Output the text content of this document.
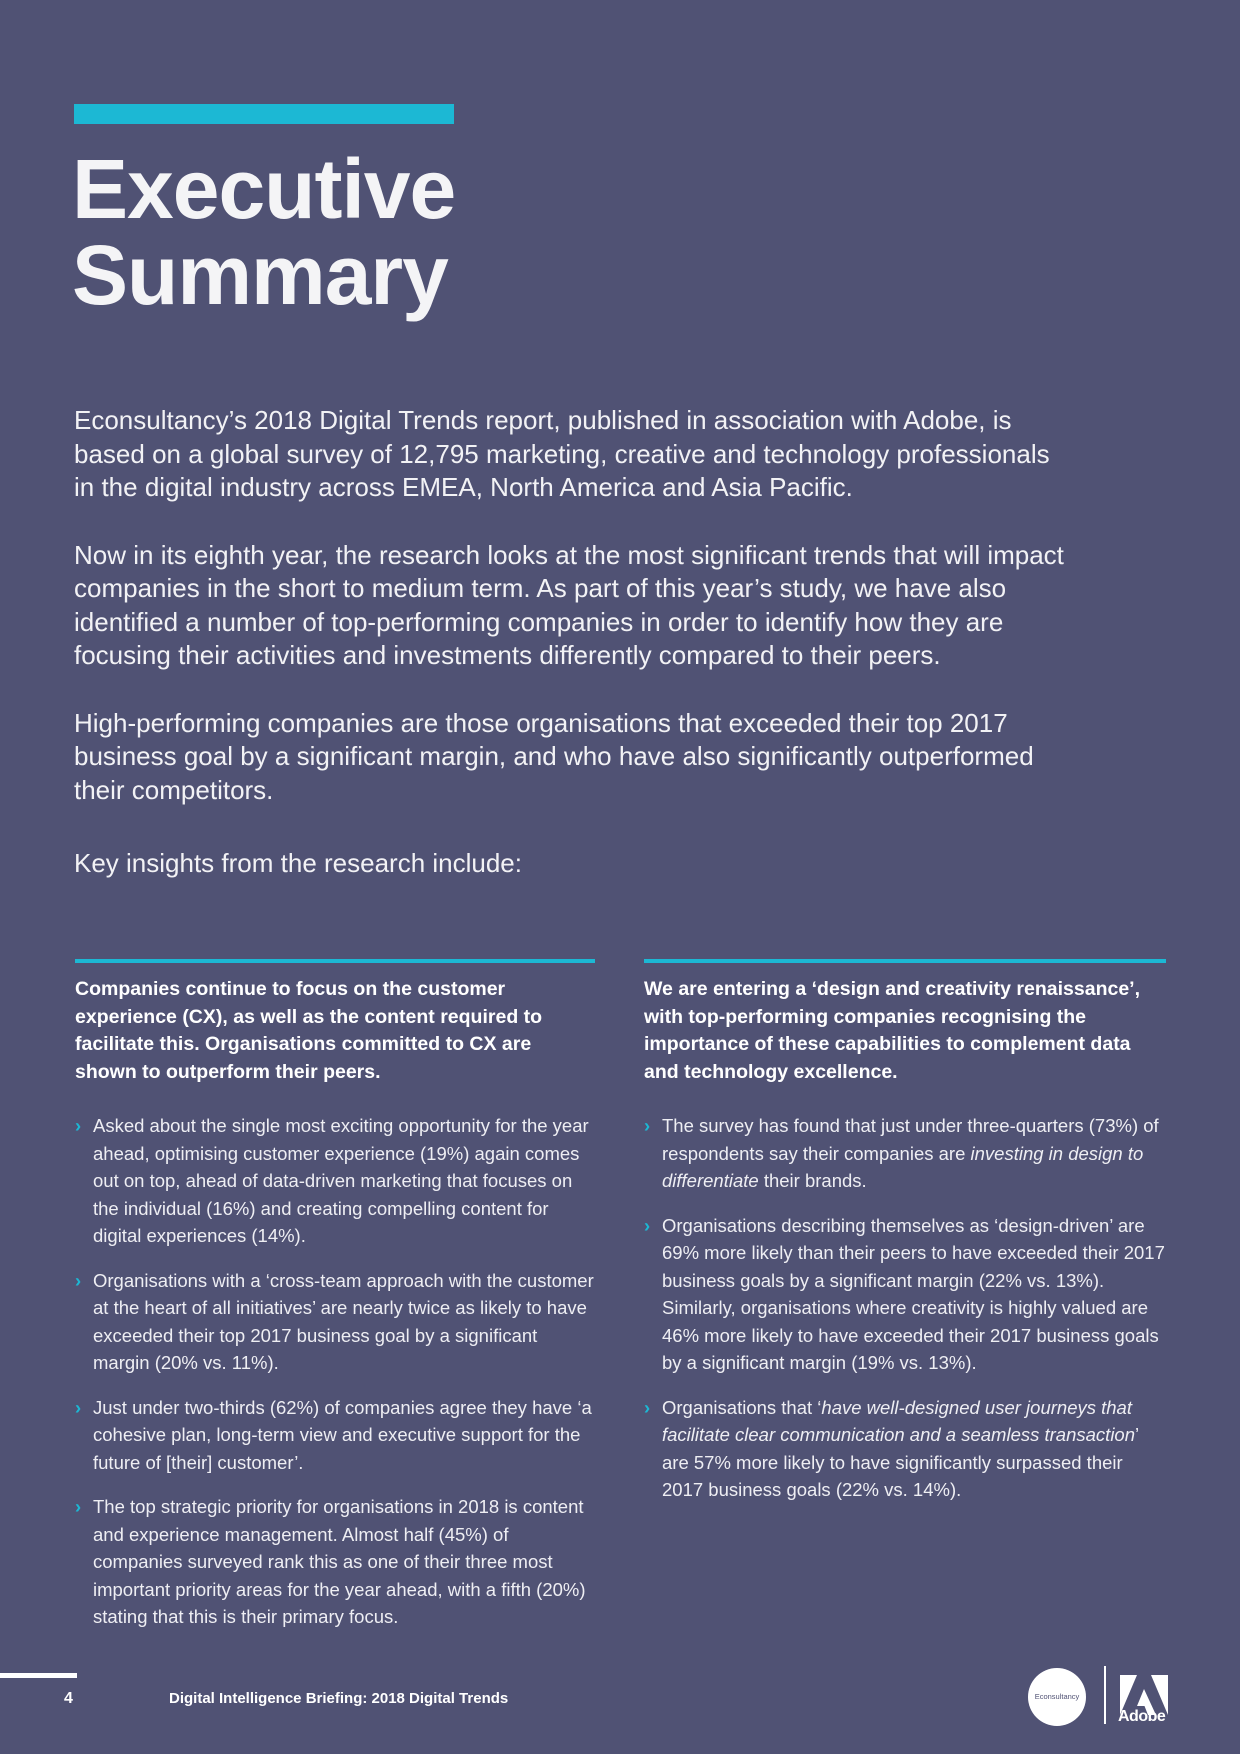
Executive
Summary

Econsultancy’s 2018 Digital Trends report, published in association with Adobe, is based on a global survey of 12,795 marketing, creative and technology professionals in the digital industry across EMEA, North America and Asia Pacific.

Now in its eighth year, the research looks at the most significant trends that will impact companies in the short to medium term. As part of this year’s study, we have also identified a number of top-performing companies in order to identify how they are focusing their activities and investments differently compared to their peers.

High-performing companies are those organisations that exceeded their top 2017 business goal by a significant margin, and who have also significantly outperformed their competitors.

Key insights from the research include:

Companies continue to focus on the customer experience (CX), as well as the content required to facilitate this. Organisations committed to CX are shown to outperform their peers.

› Asked about the single most exciting opportunity for the year ahead, optimising customer experience (19%) again comes out on top, ahead of data-driven marketing that focuses on the individual (16%) and creating compelling content for digital experiences (14%).
› Organisations with a ‘cross-team approach with the customer at the heart of all initiatives’ are nearly twice as likely to have exceeded their top 2017 business goal by a significant margin (20% vs. 11%).
› Just under two-thirds (62%) of companies agree they have ‘a cohesive plan, long-term view and executive support for the future of [their] customer’.
› The top strategic priority for organisations in 2018 is content and experience management. Almost half (45%) of companies surveyed rank this as one of their three most important priority areas for the year ahead, with a fifth (20%) stating that this is their primary focus.

We are entering a ‘design and creativity renaissance’, with top-performing companies recognising the importance of these capabilities to complement data and technology excellence.

› The survey has found that just under three-quarters (73%) of respondents say their companies are investing in design to differentiate their brands.
› Organisations describing themselves as ‘design-driven’ are 69% more likely than their peers to have exceeded their 2017 business goals by a significant margin (22% vs. 13%). Similarly, organisations where creativity is highly valued are 46% more likely to have exceeded their 2017 business goals by a significant margin (19% vs. 13%).
› Organisations that ‘have well-designed user journeys that facilitate clear communication and a seamless transaction’ are 57% more likely to have significantly surpassed their 2017 business goals (22% vs. 14%).
4	Digital Intelligence Briefing: 2018 Digital Trends	Econsultancy
Adobe
